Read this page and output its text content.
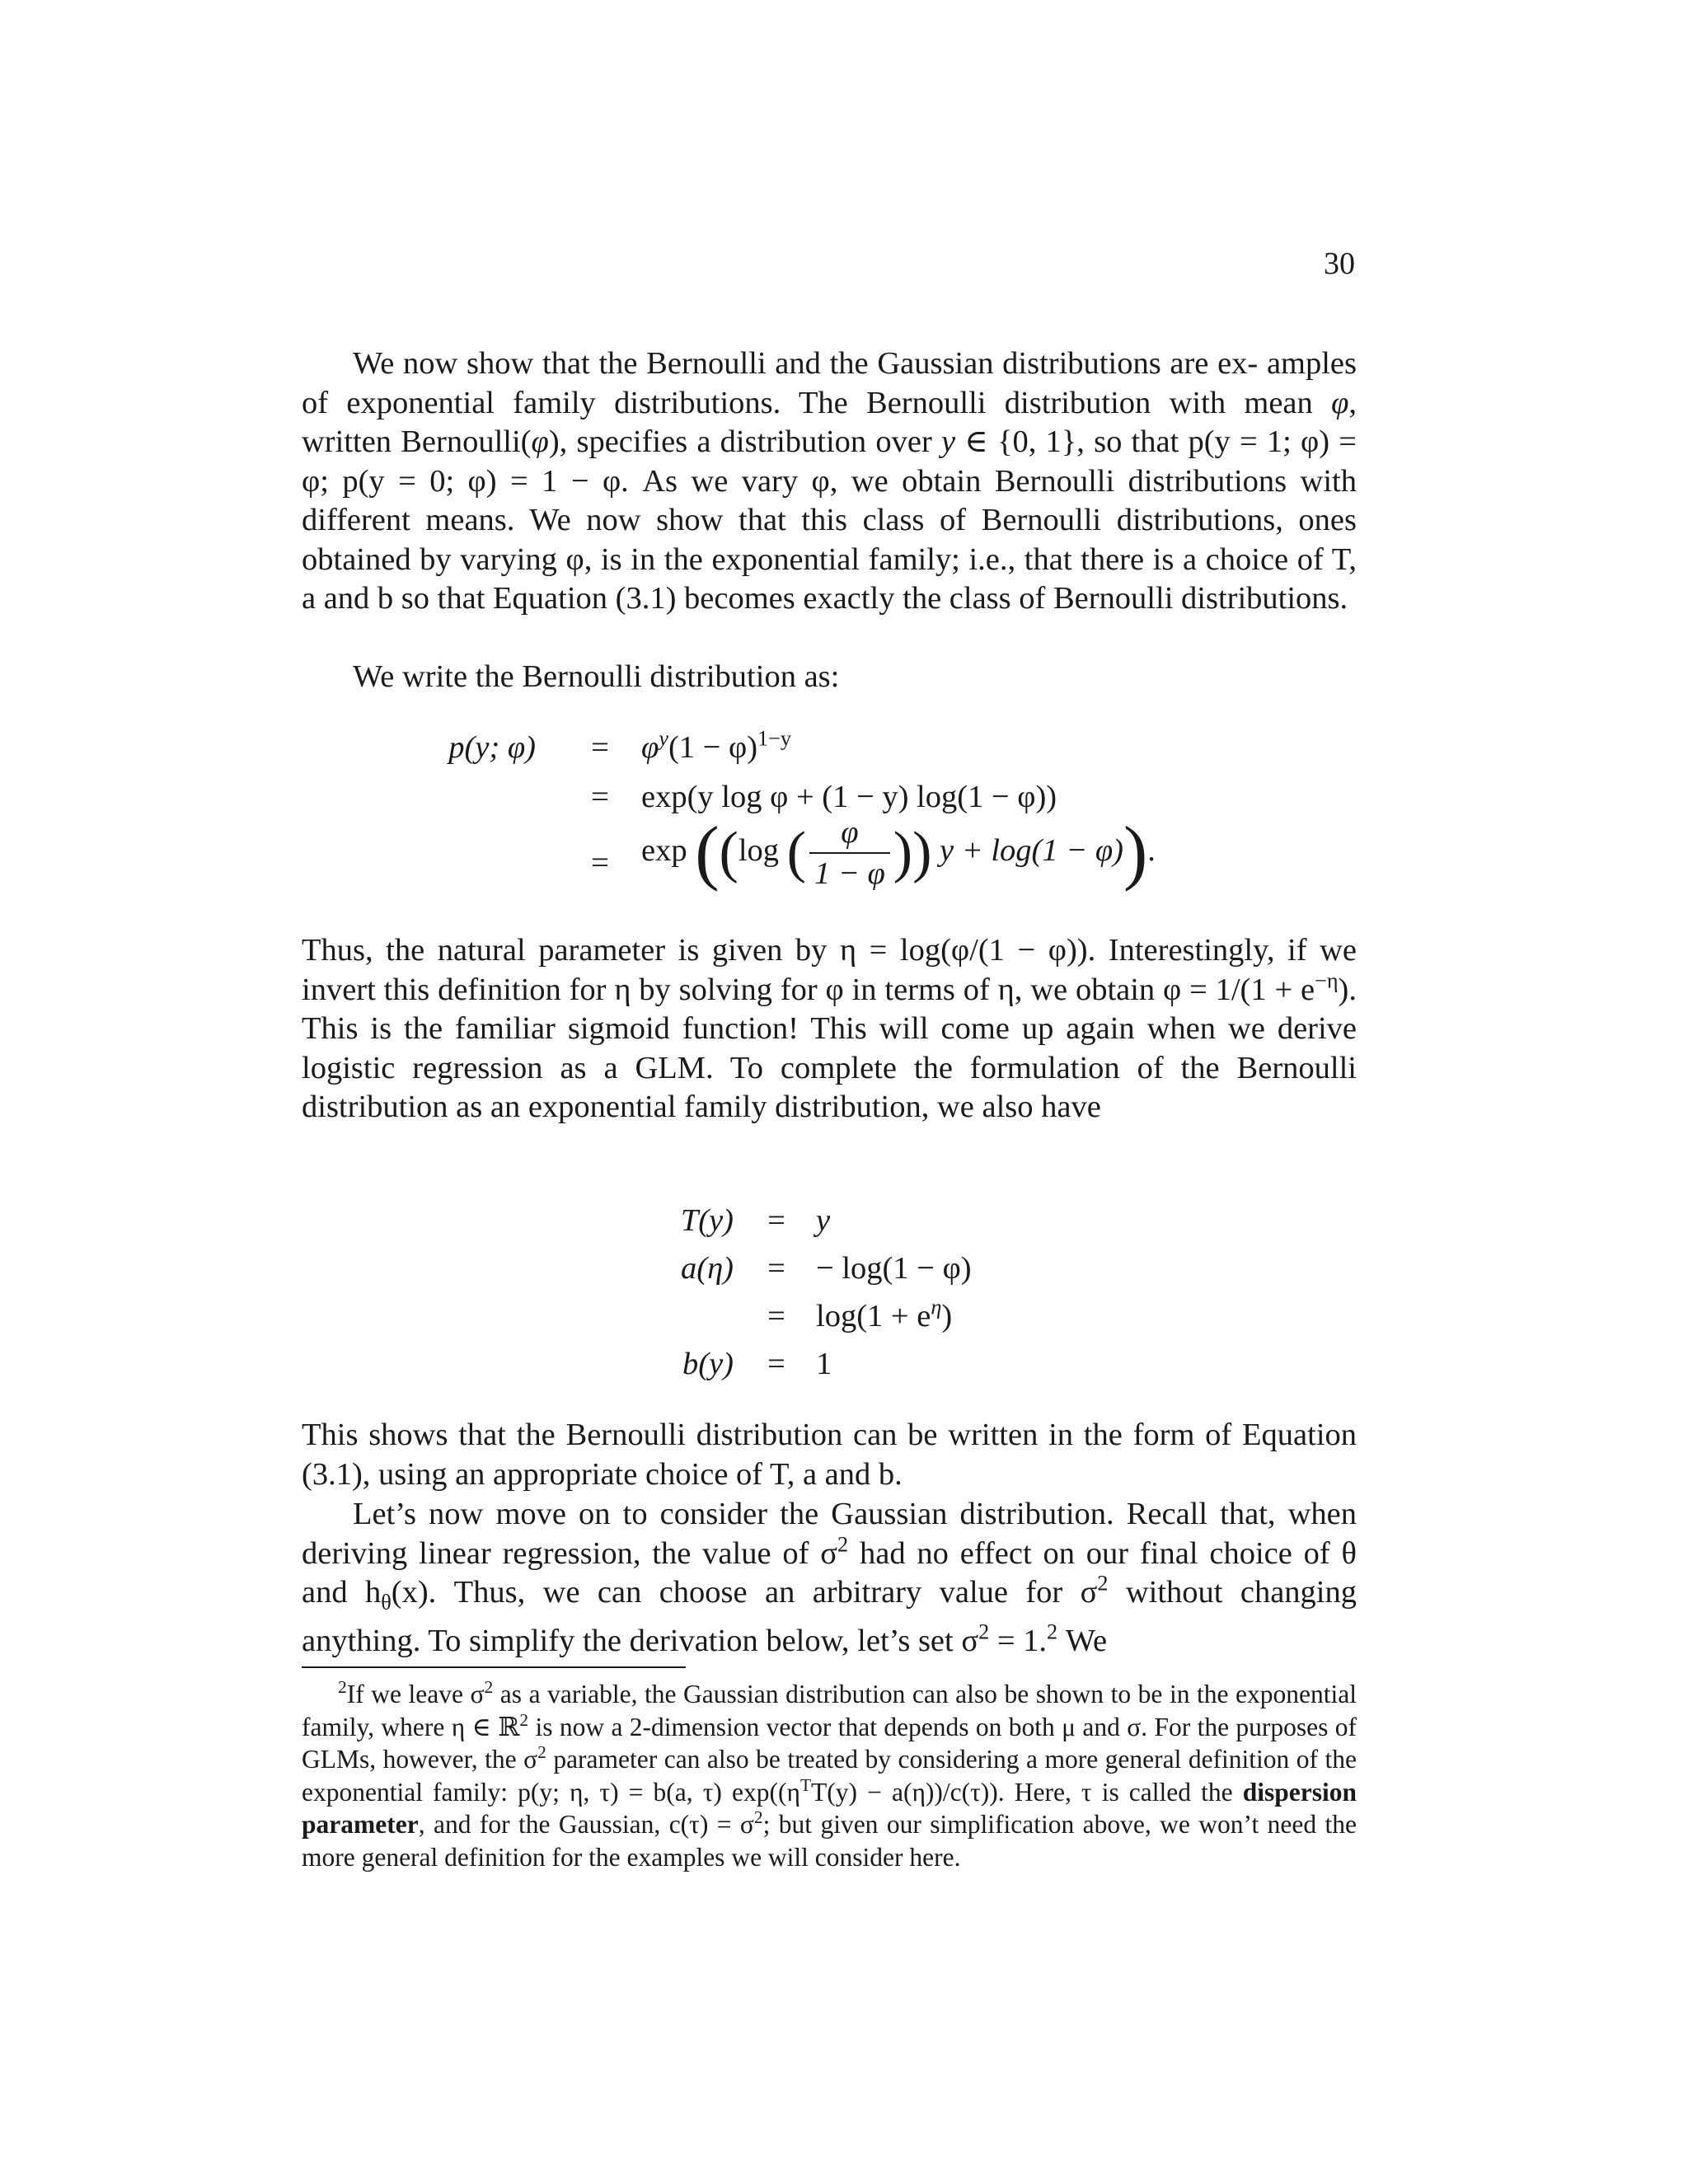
30

We now show that the Bernoulli and the Gaussian distributions are ex- amples of exponential family distributions. The Bernoulli distribution with mean φ, written Bernoulli(φ), specifies a distribution over y ∈ {0, 1}, so that p(y = 1; φ) = φ; p(y = 0; φ) = 1 − φ. As we vary φ, we obtain Bernoulli distributions with different means. We now show that this class of Bernoulli distributions, ones obtained by varying φ, is in the exponential family; i.e., that there is a choice of T, a and b so that Equation (3.1) becomes exactly the class of Bernoulli distributions.

We write the Bernoulli distribution as:

p(y; $\varphi) = \varphi^y(1 - \varphi)^{1-y}$
= exp(y log φ + (1 − y) log(1 − φ))
= exp ((log ( $\frac{\varphi}{1 - \varphi}$ )) y + log(1 − φ)).

Thus, the natural parameter is given by η = log(φ/(1 − φ)). Interestingly, if we invert this definition for η by solving for φ in terms of η, we obtain $\varphi = 1/(1 + e^{-\eta})$. This is the familiar sigmoid function! This will come up again when we derive logistic regression as a GLM. To complete the formulation of the Bernoulli distribution as an exponential family distribution, we also have

T(y) = y
a(η) = − log(1 − φ)
= $\log(1 + e^\eta)$
b(y) = 1

This shows that the Bernoulli distribution can be written in the form of Equation (3.1), using an appropriate choice of T, a and b.

Let’s now move on to consider the Gaussian distribution. Recall that, when deriving linear regression, the value of $\sigma^2$ had no effect on our final choice of θ and $h_\theta(x)$. Thus, we can choose an arbitrary value for $\sigma^2$ without changing anything. To simplify the derivation below, let’s set $\sigma^2 = 1.^2$ We

$^2$If we leave $\sigma^2$ as a variable, the Gaussian distribution can also be shown to be in the exponential family, where η ∈ ℝ$^2$ is now a 2-dimension vector that depends on both μ and σ. For the purposes of GLMs, however, the $\sigma^2$ parameter can also be treated by considering a more general definition of the exponential family: p(y; η, τ) = b(a, τ) $\exp((\eta^TT(y) - a(\eta))/c(\tau))$. Here, τ is called the dispersion parameter, and for the Gaussian, $c(\tau) = \sigma^2$; but given our simplification above, we won’t need the more general definition for the examples we will consider here.
